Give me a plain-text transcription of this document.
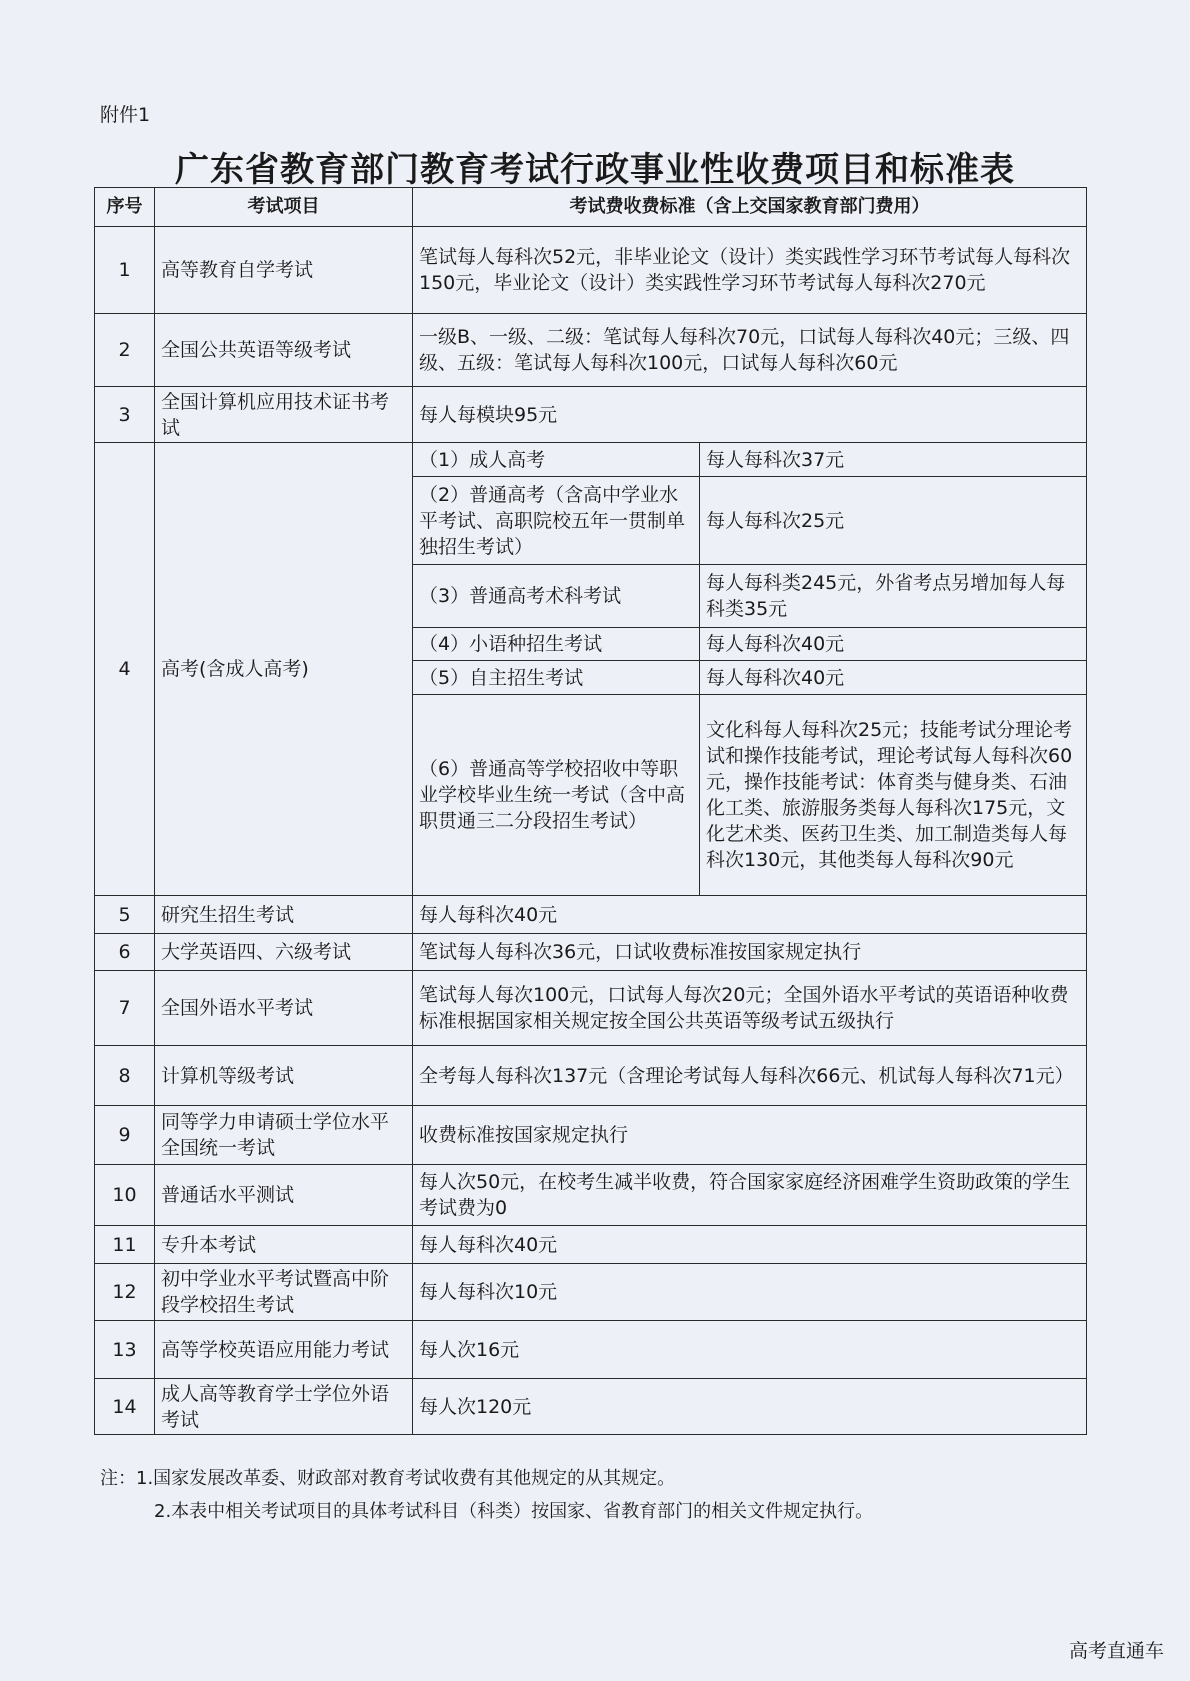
附件1
广东省教育部门教育考试行政事业性收费项目和标准表
序号	考试项目	考试费收费标准（含上交国家教育部门费用）	
1	高等教育自学考试	笔试每人每科次52元，非毕业论文（设计）类实践性学习环节考试每人每科次150元，毕业论文（设计）类实践性学习环节考试每人每科次270元	
2	全国公共英语等级考试	一级B、一级、二级：笔试每人每科次70元，口试每人每科次40元；三级、四级、五级：笔试每人每科次100元，口试每人每科次60元	
3	全国计算机应用技术证书考试	每人每模块95元	
4	高考(含成人高考)	（1）成人高考	每人每科次37元
		（2）普通高考（含高中学业水平考试、高职院校五年一贯制单独招生考试）	每人每科次25元
		（3）普通高考术科考试	每人每科类245元，外省考点另增加每人每科类35元
		（4）小语种招生考试	每人每科次40元
		（5）自主招生考试	每人每科次40元
		（6）普通高等学校招收中等职业学校毕业生统一考试（含中高职贯通三二分段招生考试）	文化科每人每科次25元；技能考试分理论考试和操作技能考试，理论考试每人每科次60元，操作技能考试：体育类与健身类、石油化工类、旅游服务类每人每科次175元，文化艺术类、医药卫生类、加工制造类每人每科次130元，其他类每人每科次90元
5	研究生招生考试	每人每科次40元	
6	大学英语四、六级考试	笔试每人每科次36元，口试收费标准按国家规定执行	
7	全国外语水平考试	笔试每人每次100元，口试每人每次20元；全国外语水平考试的英语语种收费标准根据国家相关规定按全国公共英语等级考试五级执行	
8	计算机等级考试	全考每人每科次137元（含理论考试每人每科次66元、机试每人每科次71元）	
9	同等学力申请硕士学位水平全国统一考试	收费标准按国家规定执行	
10	普通话水平测试	每人次50元，在校考生减半收费，符合国家家庭经济困难学生资助政策的学生考试费为0	
11	专升本考试	每人每科次40元	
12	初中学业水平考试暨高中阶段学校招生考试	每人每科次10元	
13	高等学校英语应用能力考试	每人次16元	
14	成人高等教育学士学位外语考试	每人次120元	
注：1.国家发展改革委、财政部对教育考试收费有其他规定的从其规定。
2.本表中相关考试项目的具体考试科目（科类）按国家、省教育部门的相关文件规定执行。
高考直通车
